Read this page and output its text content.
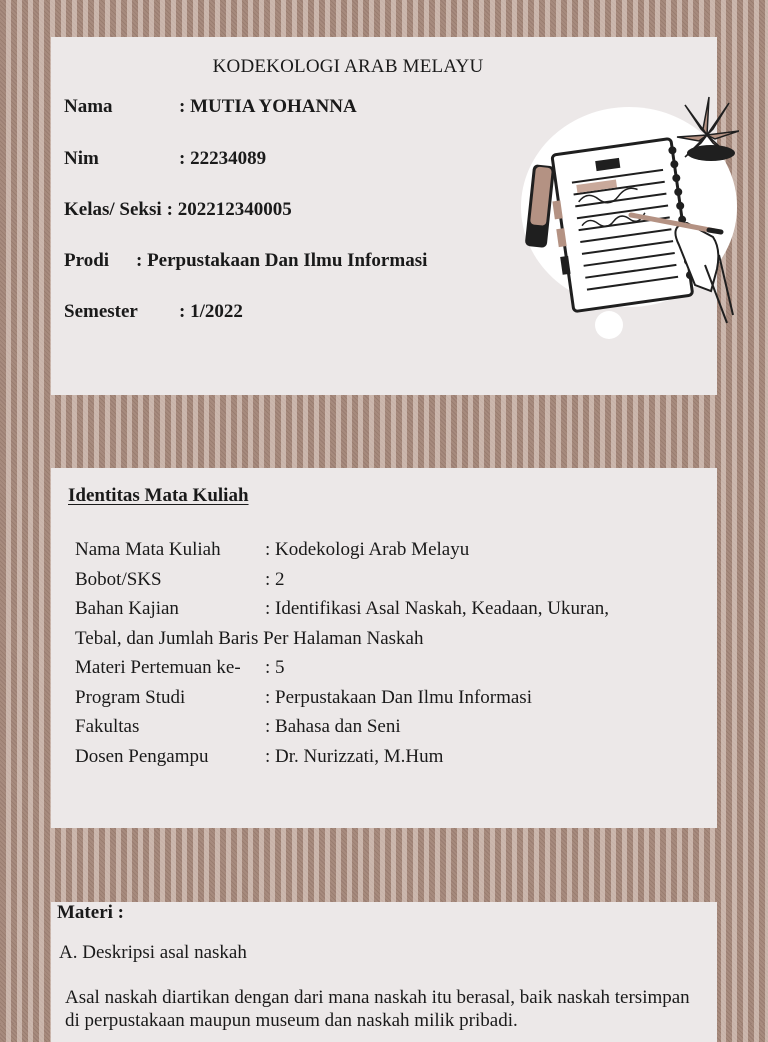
KODEKOLOGI ARAB MELAYU
Nama	: MUTIA YOHANNA
Nim	: 22234089
Kelas/ Seksi : 202212340005
Prodi : Perpustakaan Dan Ilmu Informasi
Semester : 1/2022
Identitas Mata Kuliah
Nama Mata Kuliah : Kodekologi Arab Melayu
Bobot/SKS	: 2
Bahan Kajian	: Identifikasi Asal Naskah, Keadaan, Ukuran,
Tebal, dan Jumlah Baris Per Halaman Naskah
Materi Pertemuan ke- : 5
Program Studi	: Perpustakaan Dan Ilmu Informasi
Fakultas	: Bahasa dan Seni
Dosen Pengampu	: Dr. Nurizzati, M.Hum
Materi :
A. Deskripsi asal naskah
Asal naskah diartikan dengan dari mana naskah itu berasal, baik naskah tersimpan di perpustakaan maupun museum dan naskah milik pribadi.
